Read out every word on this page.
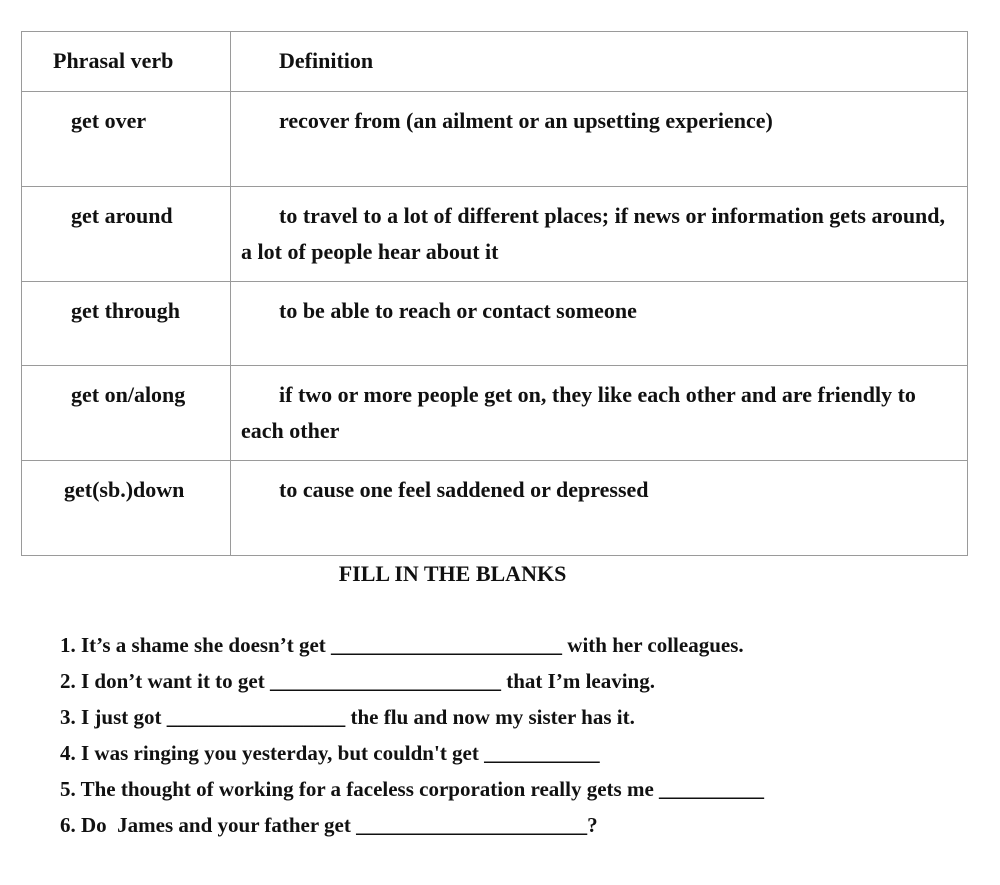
Phrasal verb	Definition

get over	recover from (an ailment or an upsetting experience)

get around	to travel to a lot of different places; if news or information gets around, a lot of people hear about it

get through	to be able to reach or contact someone

get on/along	if two or more people get on, they like each other and are friendly to each other

get(sb.)down	to cause one feel saddened or depressed
FILL IN THE BLANKS
1. It’s a shame she doesn’t get ______________________ with her colleagues.
2. I don’t want it to get ______________________ that I’m leaving.
3. I just got _________________ the flu and now my sister has it.
4. I was ringing you yesterday, but couldn't get ___________
5. The thought of working for a faceless corporation really gets me __________
6. Do  James and your father get ______________________?
